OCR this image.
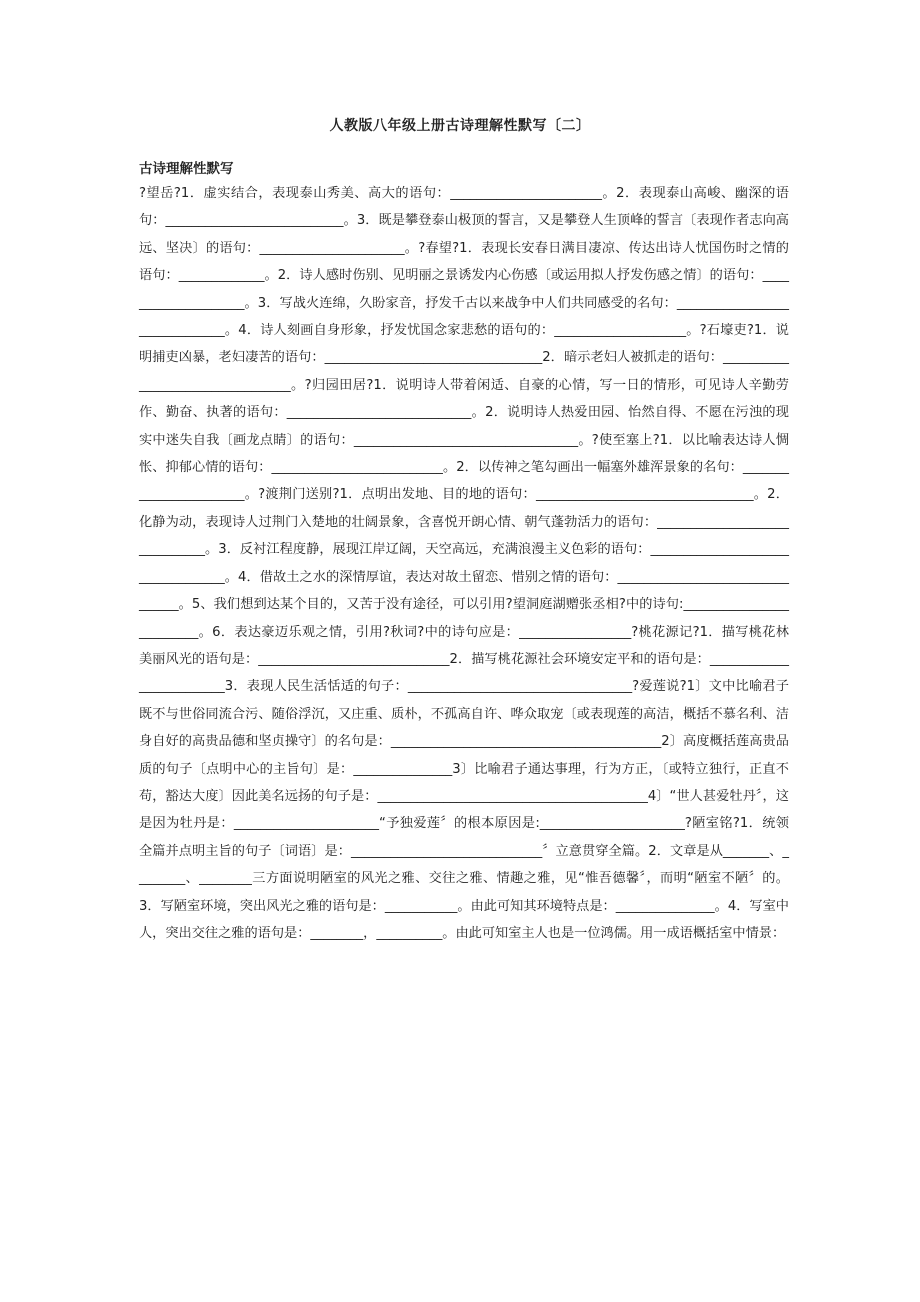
人教版八年级上册古诗理解性默写〔二〕
古诗理解性默写

?望岳?1．虚实结合，表现泰山秀美、高大的语句：_______________________。2．表现泰山高峻、幽深的语句：___________________________。3．既是攀登泰山极顶的誓言，又是攀登人生顶峰的誓言〔表现作者志向高远、坚决〕的语句：______________________。?春望?1．表现长安春日满目凄凉、传达出诗人忧国伤时之情的语句：_____________。2．诗人感时伤别、见明丽之景诱发内心伤感〔或运用拟人抒发伤感之情〕的语句：____________________。3．写战火连绵，久盼家音，抒发千古以来战争中人们共同感受的名句：______________________________。4．诗人刻画自身形象，抒发忧国念家悲愁的语句的：____________________。?石壕吏?1．说明捕吏凶暴，老妇凄苦的语句：_________________________________2．暗示老妇人被抓走的语句：_________________________________。?归园田居?1．说明诗人带着闲适、自豪的心情，写一日的情形，可见诗人辛勤劳作、勤奋、执著的语句：____________________________。2．说明诗人热爱田园、怡然自得、不愿在污浊的现实中迷失自我〔画龙点睛〕的语句：__________________________________。?使至塞上?1．以比喻表达诗人惆怅、抑郁心情的语句：__________________________。2．以传神之笔勾画出一幅塞外雄浑景象的名句：_______________________。?渡荆门送别?1．点明出发地、目的地的语句：_________________________________。2．化静为动，表现诗人过荆门入楚地的壮阔景象，含喜悦开朗心情、朝气蓬勃活力的语句：______________________________。3．反衬江程度静，展现江岸辽阔，天空高远，充满浪漫主义色彩的语句：__________________________________。4．借故土之水的深情厚谊，表达对故土留恋、惜别之情的语句：________________________________。5、我们想到达某个目的，又苦于没有途径，可以引用?望洞庭湖赠张丞相?中的诗句:_________________________。6．表达豪迈乐观之情，引用?秋词?中的诗句应是：_________________?桃花源记?1．描写桃花林美丽风光的语句是：_____________________________2．描写桃花源社会环境安定平和的语句是：_________________________3．表现人民生活恬适的句子：__________________________________?爱莲说?1〕文中比喻君子既不与世俗同流合污、随俗浮沉，又庄重、质朴，不孤高自许、哗众取宠〔或表现莲的高洁，概括不慕名利、洁身自好的高贵品德和坚贞操守〕的名句是：_________________________________________2〕高度概括莲高贵品质的句子〔点明中心的主旨句〕是：_______________3〕比喻君子通达事理，行为方正，〔或特立独行，正直不苟，豁达大度〕因此美名远扬的句子是：_________________________________________4〕“世人甚爱牡丹〞，这是因为牡丹是：______________________“予独爱莲〞的根本原因是:______________________?陋室铭?1．统领全篇并点明主旨的句子〔词语〕是：_____________________________〞立意贯穿全篇。2．文章是从_______、________、________三方面说明陋室的风光之雅、交往之雅、情趣之雅，见“惟吾德馨〞，而明“陋室不陋〞的。3．写陋室环境，突出风光之雅的语句是：___________。由此可知其环境特点是：_______________。4．写室中人，突出交往之雅的语句是：________，__________。由此可知室主人也是一位鸿儒。用一成语概括室中情景：
